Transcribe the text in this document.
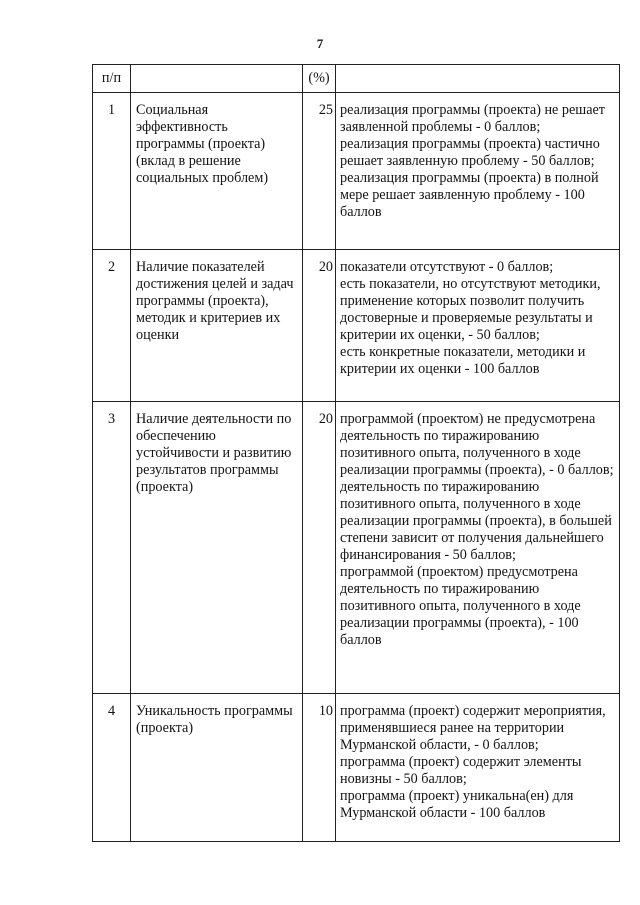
7
п/п		(%)	
1	Социальная эффективность программы (проекта) (вклад в решение социальных проблем)	25	реализация программы (проекта) не решает заявленной проблемы - 0 баллов;
реализация программы (проекта) частично решает заявленную проблему - 50 баллов;
реализация программы (проекта) в полной мере решает заявленную проблему - 100 баллов

2	Наличие показателей достижения целей и задач программы (проекта), методик и критериев их оценки	20	показатели отсутствуют - 0 баллов;
есть показатели, но отсутствуют методики, применение которых позволит получить достоверные и проверяемые результаты и критерии их оценки, - 50 баллов;
есть конкретные показатели, методики и критерии их оценки - 100 баллов

3	Наличие деятельности по обеспечению устойчивости и развитию результатов программы (проекта)	20	программой (проектом) не предусмотрена деятельность по тиражированию позитивного опыта, полученного в ходе реализации программы (проекта), - 0 баллов;
деятельность по тиражированию позитивного опыта, полученного в ходе реализации программы (проекта), в большей степени зависит от получения дальнейшего финансирования - 50 баллов;
программой (проектом) предусмотрена деятельность по тиражированию позитивного опыта, полученного в ходе реализации программы (проекта), - 100 баллов

4	Уникальность программы (проекта)	10	программа (проект) содержит мероприятия, применявшиеся ранее на территории Мурманской области, - 0 баллов;
программа (проект) содержит элементы новизны - 50 баллов;
программа (проект) уникальна(ен) для Мурманской области - 100 баллов
